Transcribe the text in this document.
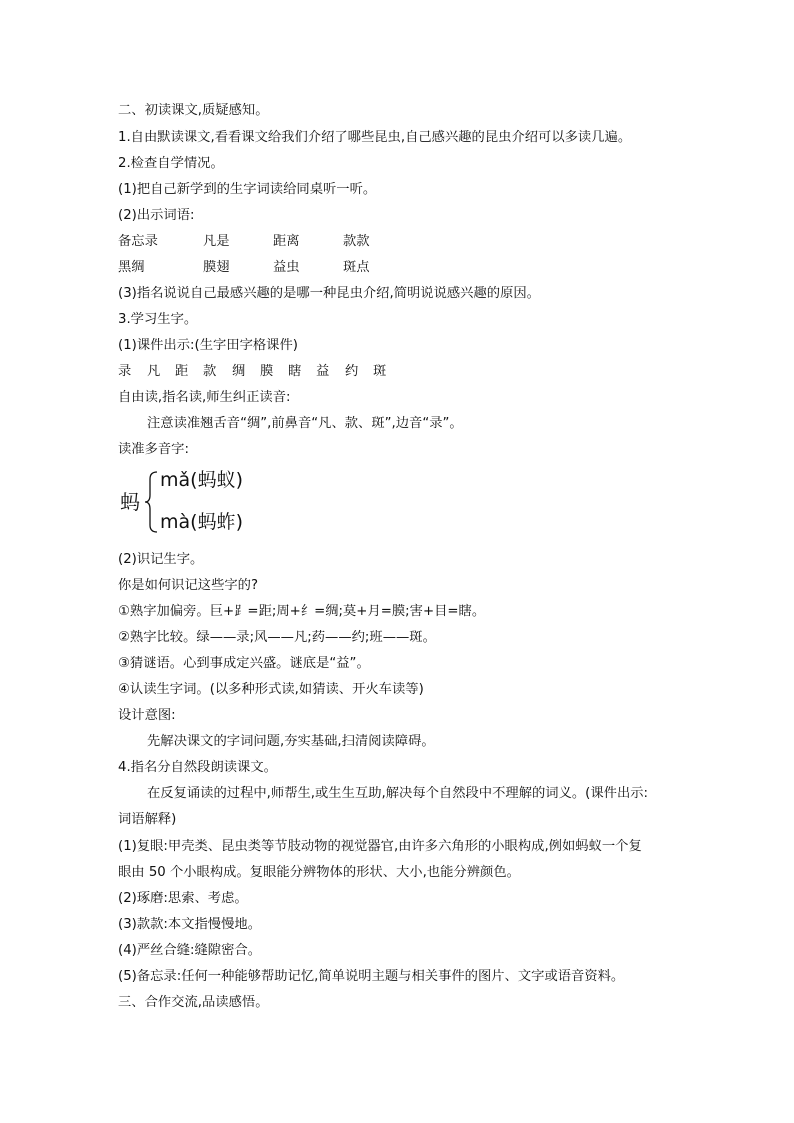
二、初读课文,质疑感知。
1.自由默读课文,看看课文给我们介绍了哪些昆虫,自己感兴趣的昆虫介绍可以多读几遍。
2.检查自学情况。
(1)把自己新学到的生字词读给同桌听一听。
(2)出示词语:
备忘录	凡是	距离	款款
黑绸	膜翅	益虫	斑点
(3)指名说说自己最感兴趣的是哪一种昆虫介绍,简明说说感兴趣的原因。
3.学习生字。
(1)课件出示:(生字田字格课件)
录 凡 距 款 绸 膜 瞎 益 约 斑
自由读,指名读,师生纠正读音:
注意读准翘舌音“绸”,前鼻音“凡、款、斑”,边音“录”。
读准多音字:
蚂
mǎ(蚂蚁)
mà(蚂蚱)
(2)识记生字。
你是如何识记这些字的?
①熟字加偏旁。巨+⻊=距;周+纟=绸;莫+月=膜;害+目=瞎。
②熟字比较。绿——录;风——凡;药——约;班——斑。
③猜谜语。心到事成定兴盛。谜底是“益”。
④认读生字词。(以多种形式读,如猜读、开火车读等)
设计意图:
先解决课文的字词问题,夯实基础,扫清阅读障碍。
4.指名分自然段朗读课文。
在反复诵读的过程中,师帮生,或生生互助,解决每个自然段中不理解的词义。(课件出示:
词语解释)
(1)复眼:甲壳类、昆虫类等节肢动物的视觉器官,由许多六角形的小眼构成,例如蚂蚁一个复
眼由 50 个小眼构成。复眼能分辨物体的形状、大小,也能分辨颜色。
(2)琢磨:思索、考虑。
(3)款款:本文指慢慢地。
(4)严丝合缝:缝隙密合。
(5)备忘录:任何一种能够帮助记忆,简单说明主题与相关事件的图片、文字或语音资料。
三、合作交流,品读感悟。
